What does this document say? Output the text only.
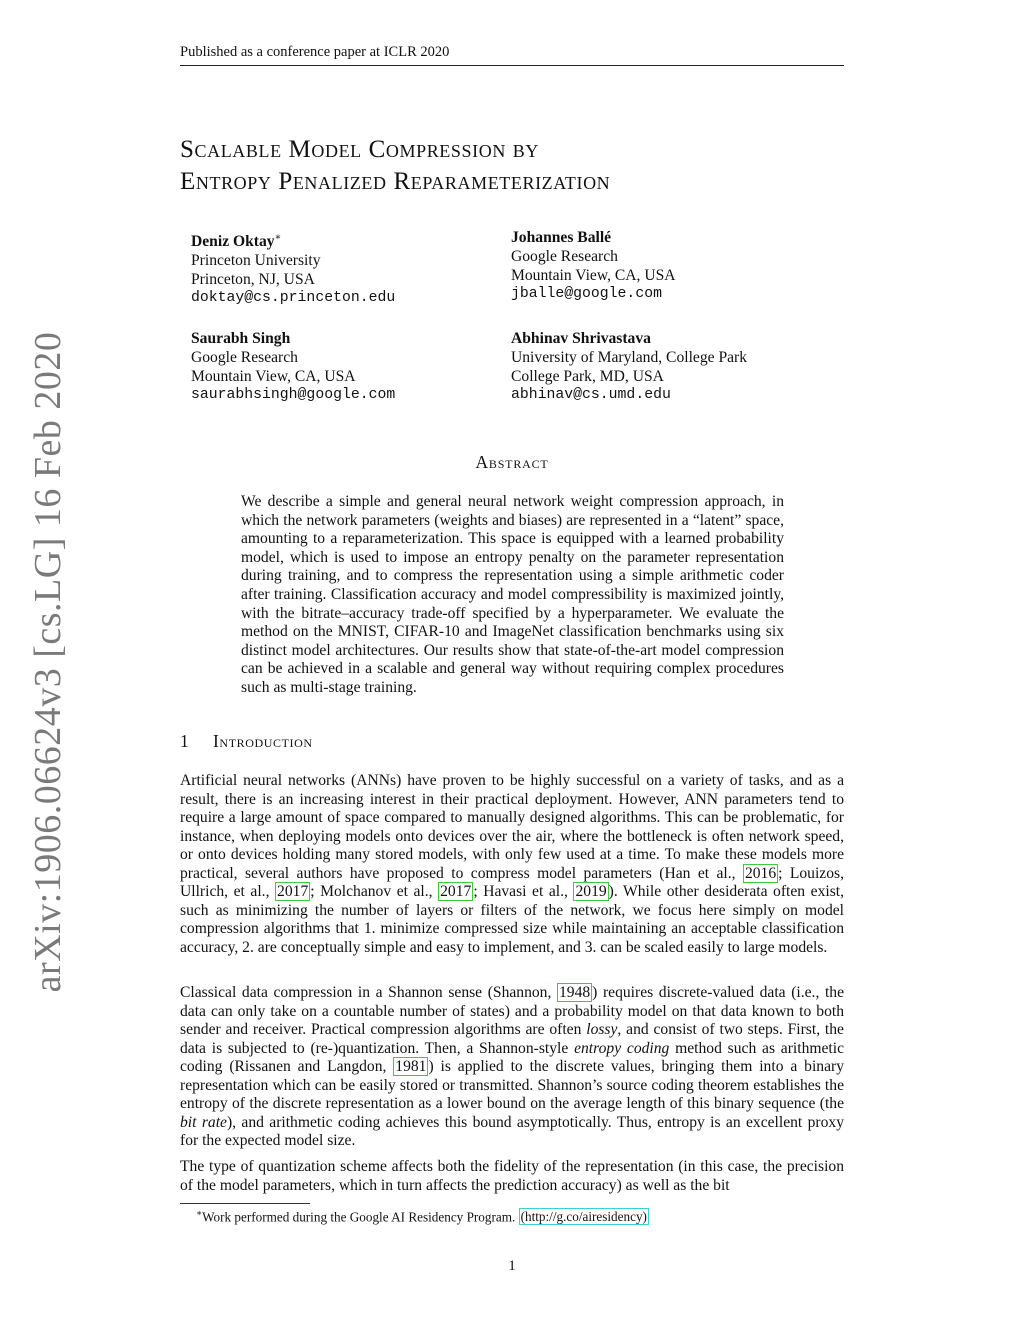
Published as a conference paper at ICLR 2020
arXiv:1906.06624v3 [cs.LG] 16 Feb 2020
Scalable Model Compression by
Entropy Penalized Reparameterization
Deniz Oktay∗
Princeton University
Princeton, NJ, USA
doktay@cs.princeton.edu
Johannes Ballé
Google Research
Mountain View, CA, USA
jballe@google.com
Saurabh Singh
Google Research
Mountain View, CA, USA
saurabhsingh@google.com
Abhinav Shrivastava
University of Maryland, College Park
College Park, MD, USA
abhinav@cs.umd.edu
Abstract
We describe a simple and general neural network weight compression approach, in which the network parameters (weights and biases) are represented in a “latent” space, amounting to a reparameterization. This space is equipped with a learned probability model, which is used to impose an entropy penalty on the parameter representation during training, and to compress the representation using a simple arithmetic coder after training. Classification accuracy and model compressibility is maximized jointly, with the bitrate–accuracy trade-off specified by a hyperparameter. We evaluate the method on the MNIST, CIFAR-10 and ImageNet classification benchmarks using six distinct model architectures. Our results show that state-of-the-art model compression can be achieved in a scalable and general way without requiring complex procedures such as multi-stage training.
1 Introduction
Artificial neural networks (ANNs) have proven to be highly successful on a variety of tasks, and as a result, there is an increasing interest in their practical deployment. However, ANN parameters tend to require a large amount of space compared to manually designed algorithms. This can be problematic, for instance, when deploying models onto devices over the air, where the bottleneck is often network speed, or onto devices holding many stored models, with only few used at a time. To make these models more practical, several authors have proposed to compress model parameters (Han et al., 2016 ; Louizos, Ullrich, et al., 2017 ; Molchanov et al., 2017 ; Havasi et al., 2019 ). While other desiderata often exist, such as minimizing the number of layers or filters of the network, we focus here simply on model compression algorithms that 1. minimize compressed size while maintaining an acceptable classification accuracy, 2. are conceptually simple and easy to implement, and 3. can be scaled easily to large models.
Classical data compression in a Shannon sense (Shannon, 1948 ) requires discrete-valued data (i.e., the data can only take on a countable number of states) and a probability model on that data known to both sender and receiver. Practical compression algorithms are often lossy, and consist of two steps. First, the data is subjected to (re-)quantization. Then, a Shannon-style entropy coding method such as arithmetic coding (Rissanen and Langdon, 1981 ) is applied to the discrete values, bringing them into a binary representation which can be easily stored or transmitted. Shannon’s source coding theorem establishes the entropy of the discrete representation as a lower bound on the average length of this binary sequence (the bit rate), and arithmetic coding achieves this bound asymptotically. Thus, entropy is an excellent proxy for the expected model size.
The type of quantization scheme affects both the fidelity of the representation (in this case, the precision of the model parameters, which in turn affects the prediction accuracy) as well as the bit
∗Work performed during the Google AI Residency Program. (http://g.co/airesidency)
1
